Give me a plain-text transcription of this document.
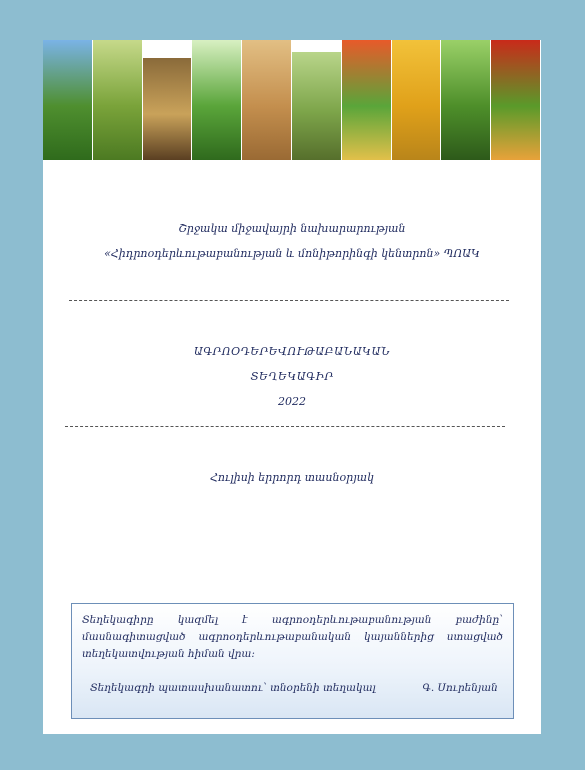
Շրջակա միջավայրի նախարարության
«Հիդրոօդերևութաբանության և մոնիթորինգի կենտրոն» ՊՈԱԿ
ԱԳՐՈՕԴԵՐԵՎՈՒԹԱԲԱՆԱԿԱՆ
ՏԵՂԵԿԱԳԻՐ
2022
Հուլիսի երրորդ տասնօրյակ
Տեղեկագիրը կազմել է ագրոօդերևութաբանության բաժինը՝ մասնագիտացված ագրոօդերևութաբանական կայաններից ստացված տեղեկատվության հիման վրա:
Տեղեկագրի պատասխանատու՝ տնօրենի տեղակալ	Գ. Սուրենյան
